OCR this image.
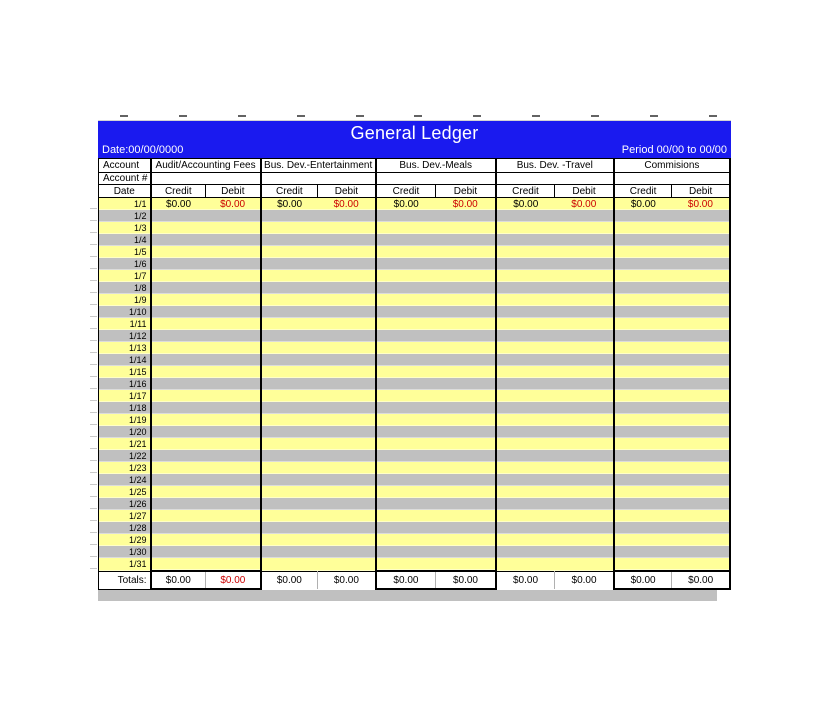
General Ledger
Date:00/00/0000	Period 00/00 to 00/00
Account	Audit/Accounting Fees		Bus. Dev.-Entertainment		Bus. Dev.-Meals		Bus. Dev. -Travel		Commisions	
Account #										
Date	Credit	Debit	Credit	Debit	Credit	Debit	Credit	Debit	Credit	Debit
1/1	$0.00	$0.00	$0.00	$0.00	$0.00	$0.00	$0.00	$0.00	$0.00	$0.00
1/2										
1/3										
1/4										
1/5										
1/6										
1/7										
1/8										
1/9										
1/10										
1/11										
1/12										
1/13										
1/14										
1/15										
1/16										
1/17										
1/18										
1/19										
1/20										
1/21										
1/22										
1/23										
1/24										
1/25										
1/26										
1/27										
1/28										
1/29										
1/30										
1/31										
Totals:	$0.00	$0.00	$0.00	$0.00	$0.00	$0.00	$0.00	$0.00	$0.00	$0.00
